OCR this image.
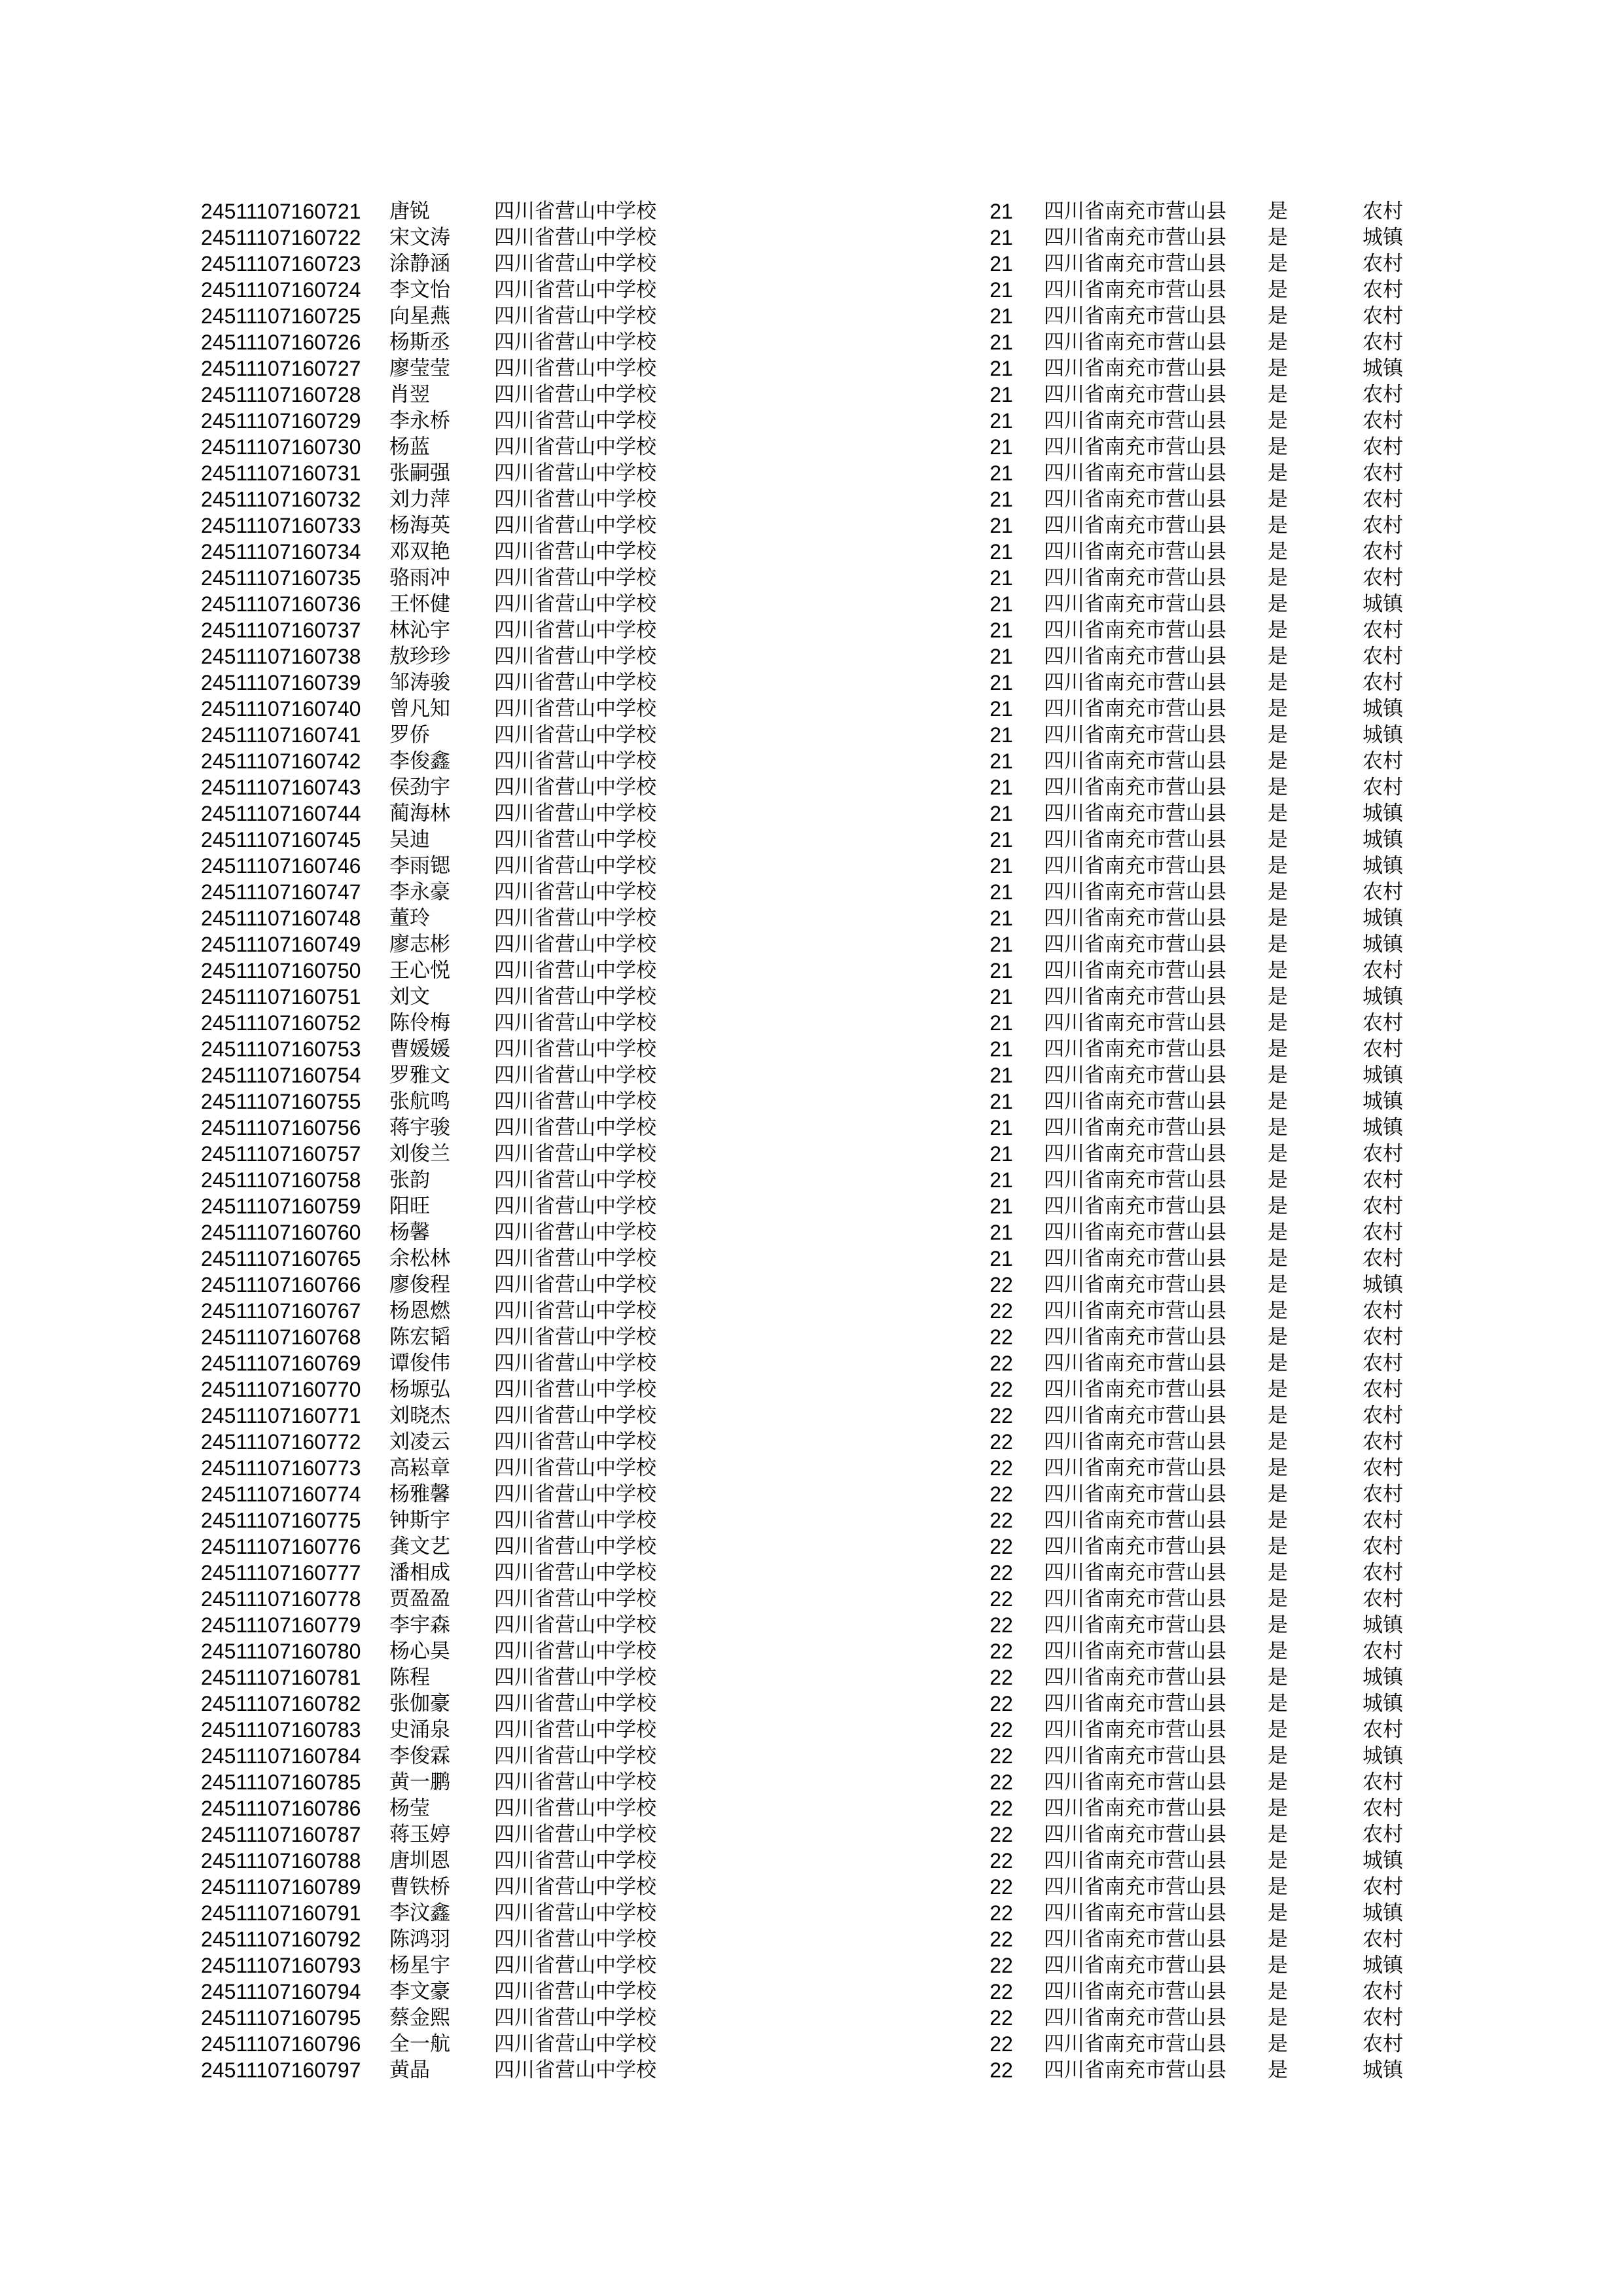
24511107160721 唐锐	四川省营山中学校	21	四川省南充市营山县 是	农村
24511107160722 宋文涛 四川省营山中学校	21	四川省南充市营山县 是	城镇
24511107160723 涂静涵 四川省营山中学校	21	四川省南充市营山县 是	农村
24511107160724 李文怡 四川省营山中学校	21	四川省南充市营山县 是	农村
24511107160725 向星燕 四川省营山中学校	21	四川省南充市营山县 是	农村
24511107160726 杨斯丞 四川省营山中学校	21	四川省南充市营山县 是	农村
24511107160727 廖莹莹 四川省营山中学校	21	四川省南充市营山县 是	城镇
24511107160728 肖翌	四川省营山中学校	21	四川省南充市营山县 是	农村
24511107160729 李永桥 四川省营山中学校	21	四川省南充市营山县 是	农村
24511107160730 杨蓝	四川省营山中学校	21	四川省南充市营山县 是	农村
24511107160731 张嗣强 四川省营山中学校	21	四川省南充市营山县 是	农村
24511107160732 刘力萍 四川省营山中学校	21	四川省南充市营山县 是	农村
24511107160733 杨海英 四川省营山中学校	21	四川省南充市营山县 是	农村
24511107160734 邓双艳 四川省营山中学校	21	四川省南充市营山县 是	农村
24511107160735 骆雨冲 四川省营山中学校	21	四川省南充市营山县 是	农村
24511107160736 王怀健 四川省营山中学校	21	四川省南充市营山县 是	城镇
24511107160737 林沁宇 四川省营山中学校	21	四川省南充市营山县 是	农村
24511107160738 敖珍珍 四川省营山中学校	21	四川省南充市营山县 是	农村
24511107160739 邹涛骏 四川省营山中学校	21	四川省南充市营山县 是	农村
24511107160740 曾凡知 四川省营山中学校	21	四川省南充市营山县 是	城镇
24511107160741 罗侨	四川省营山中学校	21	四川省南充市营山县 是	城镇
24511107160742 李俊鑫 四川省营山中学校	21	四川省南充市营山县 是	农村
24511107160743 侯劲宇 四川省营山中学校	21	四川省南充市营山县 是	农村
24511107160744 蔺海林 四川省营山中学校	21	四川省南充市营山县 是	城镇
24511107160745 吴迪	四川省营山中学校	21	四川省南充市营山县 是	城镇
24511107160746 李雨锶 四川省营山中学校	21	四川省南充市营山县 是	城镇
24511107160747 李永豪 四川省营山中学校	21	四川省南充市营山县 是	农村
24511107160748 董玲	四川省营山中学校	21	四川省南充市营山县 是	城镇
24511107160749 廖志彬 四川省营山中学校	21	四川省南充市营山县 是	城镇
24511107160750 王心悦 四川省营山中学校	21	四川省南充市营山县 是	农村
24511107160751 刘文	四川省营山中学校	21	四川省南充市营山县 是	城镇
24511107160752 陈伶梅 四川省营山中学校	21	四川省南充市营山县 是	农村
24511107160753 曹媛媛 四川省营山中学校	21	四川省南充市营山县 是	农村
24511107160754 罗雅文 四川省营山中学校	21	四川省南充市营山县 是	城镇
24511107160755 张航鸣 四川省营山中学校	21	四川省南充市营山县 是	城镇
24511107160756 蒋宇骏 四川省营山中学校	21	四川省南充市营山县 是	城镇
24511107160757 刘俊兰 四川省营山中学校	21	四川省南充市营山县 是	农村
24511107160758 张韵	四川省营山中学校	21	四川省南充市营山县 是	农村
24511107160759 阳旺	四川省营山中学校	21	四川省南充市营山县 是	农村
24511107160760 杨馨	四川省营山中学校	21	四川省南充市营山县 是	农村
24511107160765 余松林 四川省营山中学校	21	四川省南充市营山县 是	农村
24511107160766 廖俊程 四川省营山中学校	22	四川省南充市营山县 是	城镇
24511107160767 杨恩燃 四川省营山中学校	22	四川省南充市营山县 是	农村
24511107160768 陈宏韬 四川省营山中学校	22	四川省南充市营山县 是	农村
24511107160769 谭俊伟 四川省营山中学校	22	四川省南充市营山县 是	农村
24511107160770 杨塬弘 四川省营山中学校	22	四川省南充市营山县 是	农村
24511107160771 刘晓杰 四川省营山中学校	22	四川省南充市营山县 是	农村
24511107160772 刘凌云 四川省营山中学校	22	四川省南充市营山县 是	农村
24511107160773 高崧章 四川省营山中学校	22	四川省南充市营山县 是	农村
24511107160774 杨雅馨 四川省营山中学校	22	四川省南充市营山县 是	农村
24511107160775 钟斯宇 四川省营山中学校	22	四川省南充市营山县 是	农村
24511107160776 龚文艺 四川省营山中学校	22	四川省南充市营山县 是	农村
24511107160777 潘相成 四川省营山中学校	22	四川省南充市营山县 是	农村
24511107160778 贾盈盈 四川省营山中学校	22	四川省南充市营山县 是	农村
24511107160779 李宇森 四川省营山中学校	22	四川省南充市营山县 是	城镇
24511107160780 杨心昊 四川省营山中学校	22	四川省南充市营山县 是	农村
24511107160781 陈程	四川省营山中学校	22	四川省南充市营山县 是	城镇
24511107160782 张伽豪 四川省营山中学校	22	四川省南充市营山县 是	城镇
24511107160783 史涌泉 四川省营山中学校	22	四川省南充市营山县 是	农村
24511107160784 李俊霖 四川省营山中学校	22	四川省南充市营山县 是	城镇
24511107160785 黄一鹏 四川省营山中学校	22	四川省南充市营山县 是	农村
24511107160786 杨莹	四川省营山中学校	22	四川省南充市营山县 是	农村
24511107160787 蒋玉婷 四川省营山中学校	22	四川省南充市营山县 是	农村
24511107160788 唐圳恩 四川省营山中学校	22	四川省南充市营山县 是	城镇
24511107160789 曹铁桥 四川省营山中学校	22	四川省南充市营山县 是	农村
24511107160791 李汶鑫 四川省营山中学校	22	四川省南充市营山县 是	城镇
24511107160792 陈鸿羽 四川省营山中学校	22	四川省南充市营山县 是	农村
24511107160793 杨星宇 四川省营山中学校	22	四川省南充市营山县 是	城镇
24511107160794 李文豪 四川省营山中学校	22	四川省南充市营山县 是	农村
24511107160795 蔡金熙 四川省营山中学校	22	四川省南充市营山县 是	农村
24511107160796 全一航 四川省营山中学校	22	四川省南充市营山县 是	农村
24511107160797 黄晶	四川省营山中学校	22	四川省南充市营山县 是	城镇
